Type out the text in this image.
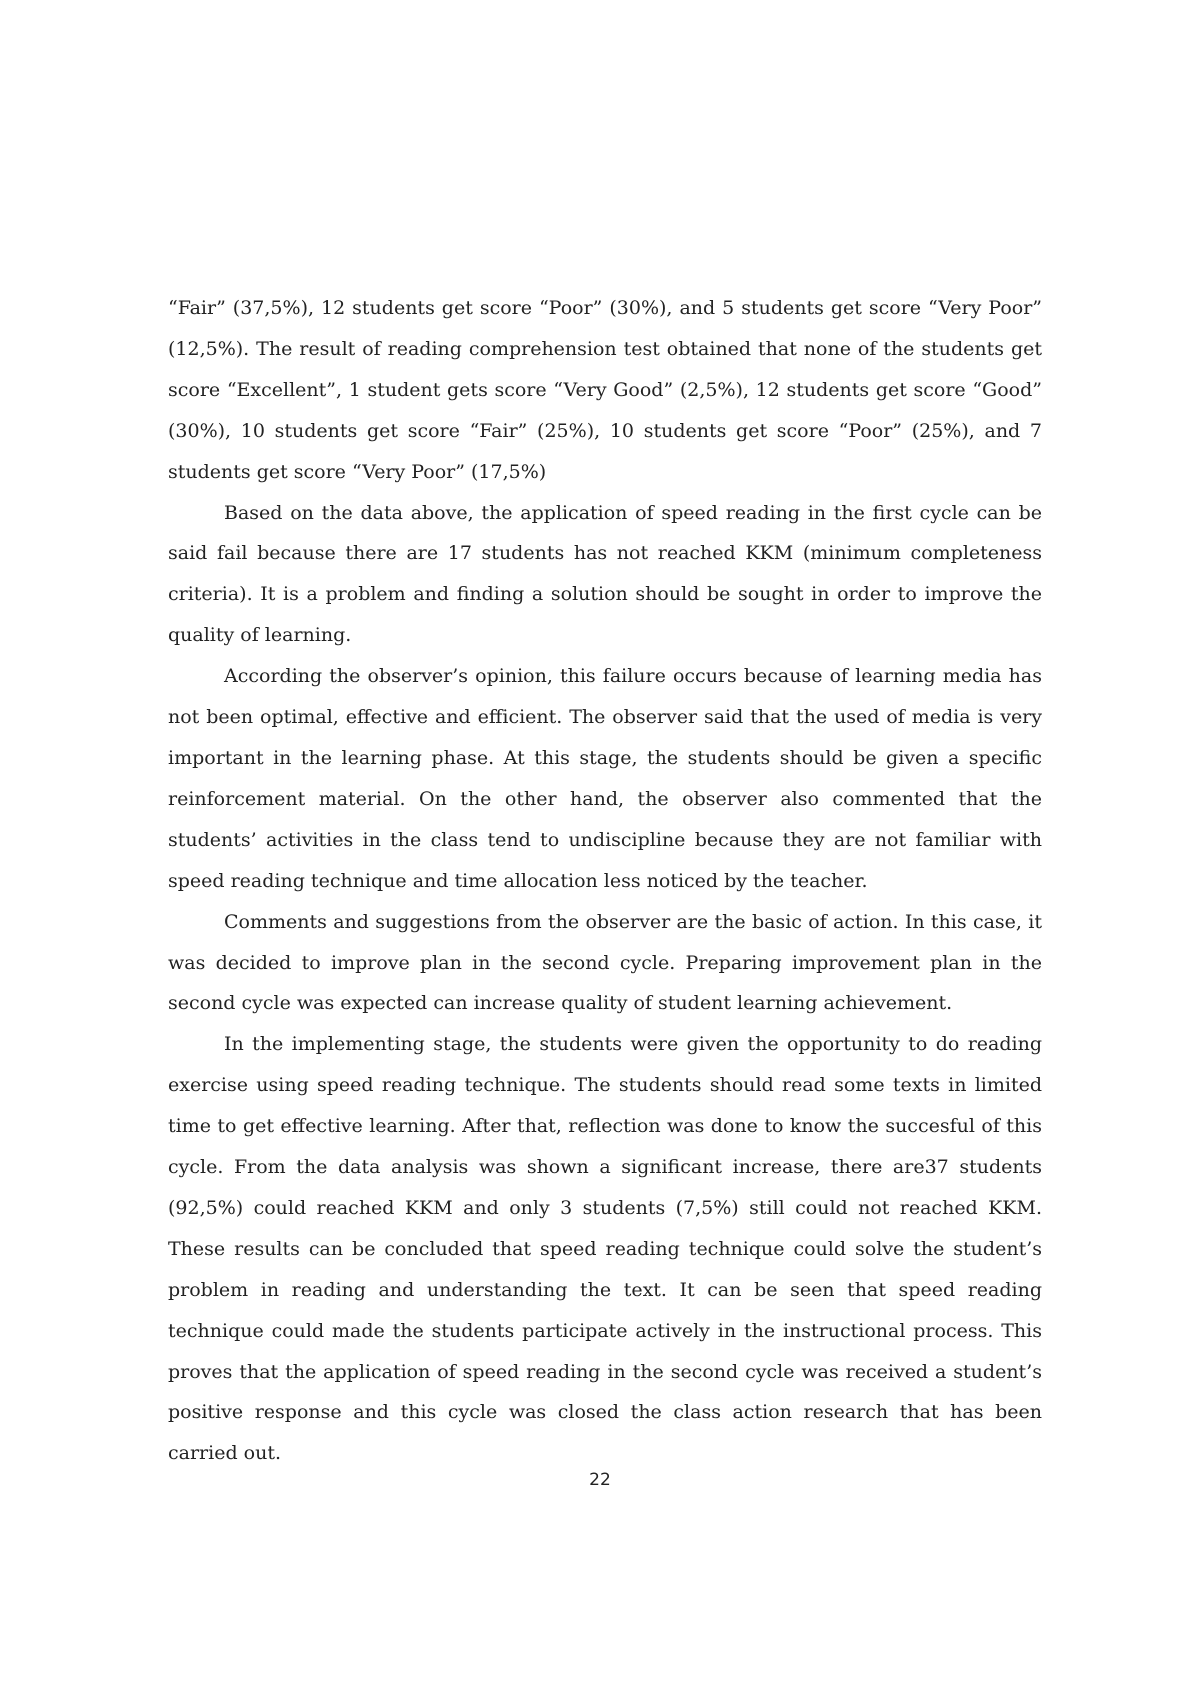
“Fair” (37,5%), 12 students get score “Poor” (30%), and 5 students get score “Very Poor” (12,5%). The result of reading comprehension test obtained that none of the students get score “Excellent”, 1 student gets score “Very Good” (2,5%), 12 students get score “Good” (30%), 10 students get score “Fair” (25%), 10 students get score “Poor” (25%), and 7 students get score “Very Poor” (17,5%)

Based on the data above, the application of speed reading in the first cycle can be said fail because there are 17 students has not reached KKM (minimum completeness criteria). It is a problem and finding a solution should be sought in order to improve the quality of learning.

According the observer’s opinion, this failure occurs because of learning media has not been optimal, effective and efficient. The observer said that the used of media is very important in the learning phase. At this stage, the students should be given a specific reinforcement material. On the other hand, the observer also commented that the students’ activities in the class tend to undiscipline because they are not familiar with speed reading technique and time allocation less noticed by the teacher.

Comments and suggestions from the observer are the basic of action. In this case, it was decided to improve plan in the second cycle. Preparing improvement plan in the second cycle was expected can increase quality of student learning achievement.

In the implementing stage, the students were given the opportunity to do reading exercise using speed reading technique. The students should read some texts in limited time to get effective learning. After that, reflection was done to know the succesful of this cycle. From the data analysis was shown a significant increase, there are37 students (92,5%) could reached KKM and only 3 students (7,5%) still could not reached KKM. These results can be concluded that speed reading technique could solve the student’s problem in reading and understanding the text. It can be seen that speed reading technique could made the students participate actively in the instructional process. This proves that the application of speed reading in the second cycle was received a student’s positive response and this cycle was closed the class action research that has been carried out.

22
